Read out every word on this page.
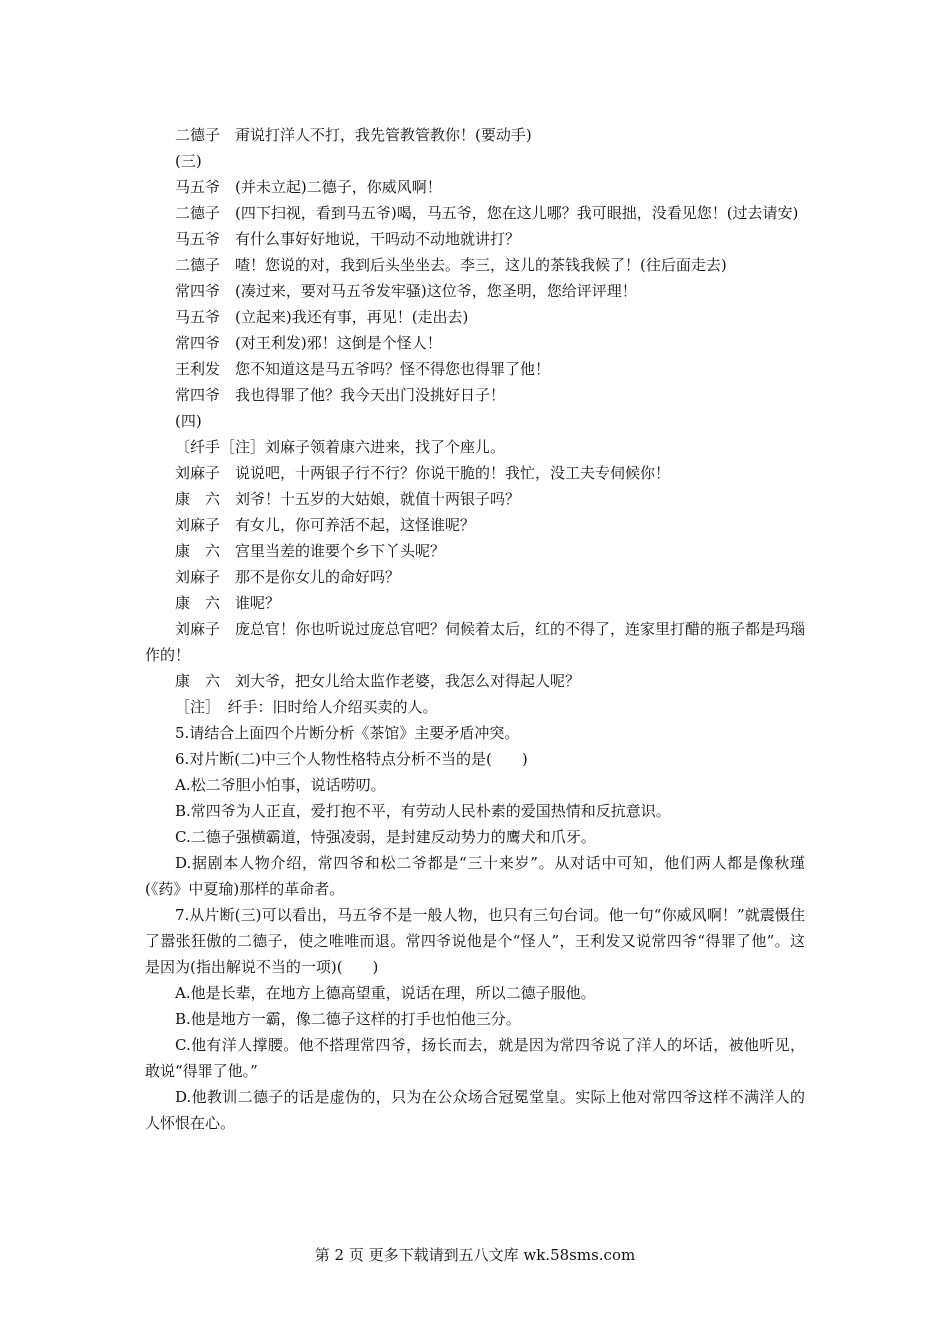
二德子　甭说打洋人不打，我先管教管教你！(要动手)

(三)

马五爷　(并未立起)二德子，你威风啊！

二德子　(四下扫视，看到马五爷)喝，马五爷，您在这儿哪？我可眼拙，没看见您！(过去请安)

马五爷　有什么事好好地说，干吗动不动地就讲打？

二德子　喳！您说的对，我到后头坐坐去。李三，这儿的茶钱我候了！(往后面走去)

常四爷　(凑过来，要对马五爷发牢骚)这位爷，您圣明，您给评评理！

马五爷　(立起来)我还有事，再见！(走出去)

常四爷　(对王利发)邪！这倒是个怪人！

王利发　您不知道这是马五爷吗？怪不得您也得罪了他！

常四爷　我也得罪了他？我今天出门没挑好日子！

(四)

〔纤手［注］刘麻子领着康六进来，找了个座儿。

刘麻子　说说吧，十两银子行不行？你说干脆的！我忙，没工夫专伺候你！

康　六　刘爷！十五岁的大姑娘，就值十两银子吗？

刘麻子　有女儿，你可养活不起，这怪谁呢？

康　六　宫里当差的谁要个乡下丫头呢？

刘麻子　那不是你女儿的命好吗？

康　六　谁呢？

刘麻子　庞总官！你也听说过庞总官吧？伺候着太后，红的不得了，连家里打醋的瓶子都是玛瑙作的！

康　六　刘大爷，把女儿给太监作老婆，我怎么对得起人呢？

［注］　纤手：旧时给人介绍买卖的人。

5.请结合上面四个片断分析《茶馆》主要矛盾冲突。

6.对片断(二)中三个人物性格特点分析不当的是(　　)

A.松二爷胆小怕事，说话唠叨。

B.常四爷为人正直，爱打抱不平，有劳动人民朴素的爱国热情和反抗意识。

C.二德子强横霸道，恃强凌弱，是封建反动势力的鹰犬和爪牙。

D.据剧本人物介绍，常四爷和松二爷都是“三十来岁”。从对话中可知，他们两人都是像秋瑾(《药》中夏瑜)那样的革命者。

7.从片断(三)可以看出，马五爷不是一般人物，也只有三句台词。他一句“你威风啊！”就震慑住了嚣张狂傲的二德子，使之唯唯而退。常四爷说他是个“怪人”，王利发又说常四爷“得罪了他”。这是因为(指出解说不当的一项)(　　)

A.他是长辈，在地方上德高望重，说话在理，所以二德子服他。

B.他是地方一霸，像二德子这样的打手也怕他三分。

C.他有洋人撑腰。他不搭理常四爷，扬长而去，就是因为常四爷说了洋人的坏话，被他听见，敢说“得罪了他。”

D.他教训二德子的话是虚伪的，只为在公众场合冠冕堂皇。实际上他对常四爷这样不满洋人的人怀恨在心。

第 2 页 更多下载请到五八文库 wk.58sms.com
